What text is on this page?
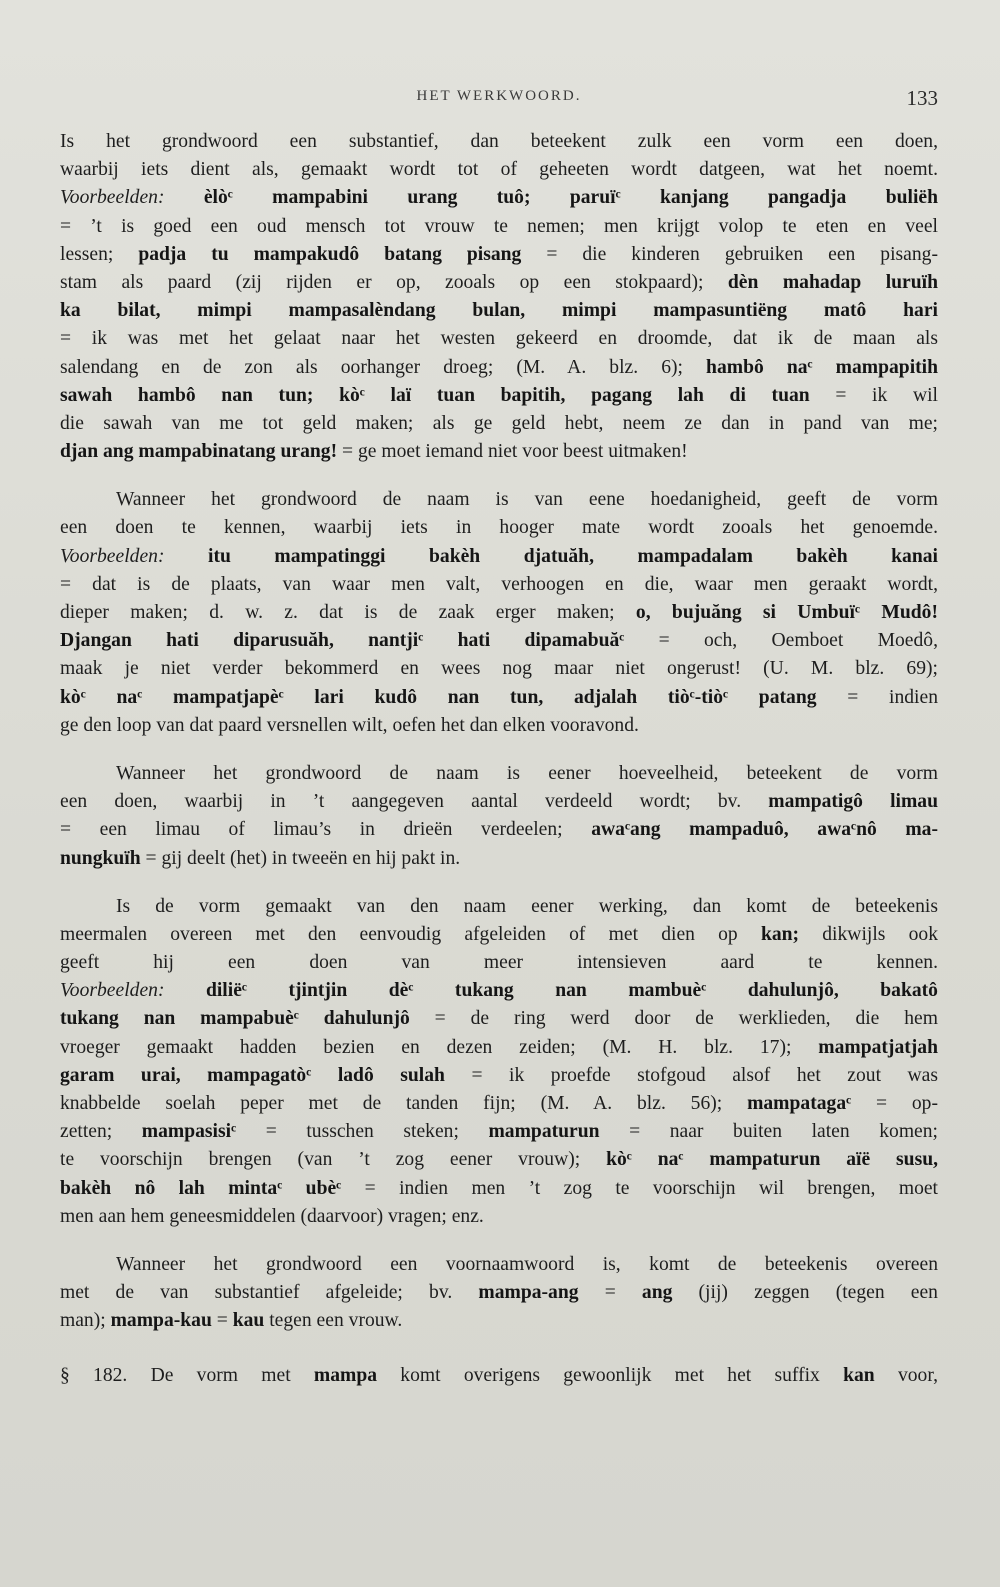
HET WERKWOORD.	133
Is het grondwoord een substantief, dan beteekent zulk een vorm een doen,
waarbij iets dient als, gemaakt wordt tot of geheeten wordt datgeen, wat het noemt.
Voorbeelden: èlòᶜ mampabini urang tuô; paruïᶜ kanjang pangadja buliëh
= ’t is goed een oud mensch tot vrouw te nemen; men krijgt volop te eten en veel
lessen; padja tu mampakudô batang pisang = die kinderen gebruiken een pisang-
stam als paard (zij rijden er op, zooals op een stokpaard); dèn mahadap luruïh
ka bilat, mimpi mampasalèndang bulan, mimpi mampasuntiëng matô hari
= ik was met het gelaat naar het westen gekeerd en droomde, dat ik de maan als
salendang en de zon als oorhanger droeg; (M. A. blz. 6); hambô naᶜ mampapitih
sawah hambô nan tun; kòᶜ laï tuan bapitih, pagang lah di tuan = ik wil
die sawah van me tot geld maken; als ge geld hebt, neem ze dan in pand van me;
djan ang mampabinatang urang! = ge moet iemand niet voor beest uitmaken!
Wanneer het grondwoord de naam is van eene hoedanigheid, geeft de vorm
een doen te kennen, waarbij iets in hooger mate wordt zooals het genoemde.
Voorbeelden: itu mampatinggi bakèh djatuăh, mampadalam bakèh kanai
= dat is de plaats, van waar men valt, verhoogen en die, waar men geraakt wordt,
dieper maken; d. w. z. dat is de zaak erger maken; o, bujuăng si Umbuïᶜ Mudô!
Djangan hati diparusuăh, nantjiᶜ hati dipamabuăᶜ = och, Oemboet Moedô,
maak je niet verder bekommerd en wees nog maar niet ongerust! (U. M. blz. 69);
kòᶜ naᶜ mampatjapèᶜ lari kudô nan tun, adjalah tiòᶜ-tiòᶜ patang = indien
ge den loop van dat paard versnellen wilt, oefen het dan elken vooravond.
Wanneer het grondwoord de naam is eener hoeveelheid, beteekent de vorm
een doen, waarbij in ’t aangegeven aantal verdeeld wordt; bv. mampatigô limau
= een limau of limau’s in drieën verdeelen; awaᶜang mampaduô, awaᶜnô ma-
nungkuïh = gij deelt (het) in tweeën en hij pakt in.
Is de vorm gemaakt van den naam eener werking, dan komt de beteekenis
meermalen overeen met den eenvoudig afgeleiden of met dien op kan; dikwijls ook
geeft hij een doen van meer intensieven aard te kennen.
Voorbeelden: diliëᶜ tjintjin dèᶜ tukang nan mambuèᶜ dahulunjô, bakatô
tukang nan mampabuèᶜ dahulunjô = de ring werd door de werklieden, die hem
vroeger gemaakt hadden bezien en dezen zeiden; (M. H. blz. 17); mampatjatjah
garam urai, mampagatòᶜ ladô sulah = ik proefde stofgoud alsof het zout was
knabbelde soelah peper met de tanden fijn; (M. A. blz. 56); mampatagaᶜ = op-
zetten; mampasisiᶜ = tusschen steken; mampaturun = naar buiten laten komen;
te voorschijn brengen (van ’t zog eener vrouw); kòᶜ naᶜ mampaturun aïë susu,
bakèh nô lah mintaᶜ ubèᶜ = indien men ’t zog te voorschijn wil brengen, moet
men aan hem geneesmiddelen (daarvoor) vragen; enz.
Wanneer het grondwoord een voornaamwoord is, komt de beteekenis overeen
met de van substantief afgeleide; bv. mampa-ang = ang (jij) zeggen (tegen een
man); mampa-kau = kau tegen een vrouw.
§ 182. De vorm met mampa komt overigens gewoonlijk met het suffix kan voor,
